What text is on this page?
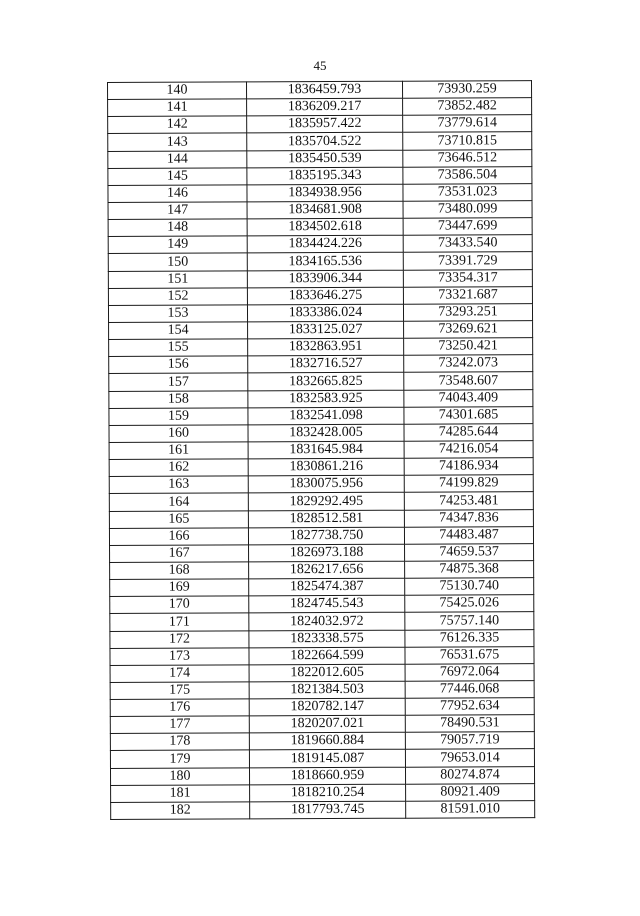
45
140	1836459.793	73930.259
141	1836209.217	73852.482
142	1835957.422	73779.614
143	1835704.522	73710.815
144	1835450.539	73646.512
145	1835195.343	73586.504
146	1834938.956	73531.023
147	1834681.908	73480.099
148	1834502.618	73447.699
149	1834424.226	73433.540
150	1834165.536	73391.729
151	1833906.344	73354.317
152	1833646.275	73321.687
153	1833386.024	73293.251
154	1833125.027	73269.621
155	1832863.951	73250.421
156	1832716.527	73242.073
157	1832665.825	73548.607
158	1832583.925	74043.409
159	1832541.098	74301.685
160	1832428.005	74285.644
161	1831645.984	74216.054
162	1830861.216	74186.934
163	1830075.956	74199.829
164	1829292.495	74253.481
165	1828512.581	74347.836
166	1827738.750	74483.487
167	1826973.188	74659.537
168	1826217.656	74875.368
169	1825474.387	75130.740
170	1824745.543	75425.026
171	1824032.972	75757.140
172	1823338.575	76126.335
173	1822664.599	76531.675
174	1822012.605	76972.064
175	1821384.503	77446.068
176	1820782.147	77952.634
177	1820207.021	78490.531
178	1819660.884	79057.719
179	1819145.087	79653.014
180	1818660.959	80274.874
181	1818210.254	80921.409
182	1817793.745	81591.010
